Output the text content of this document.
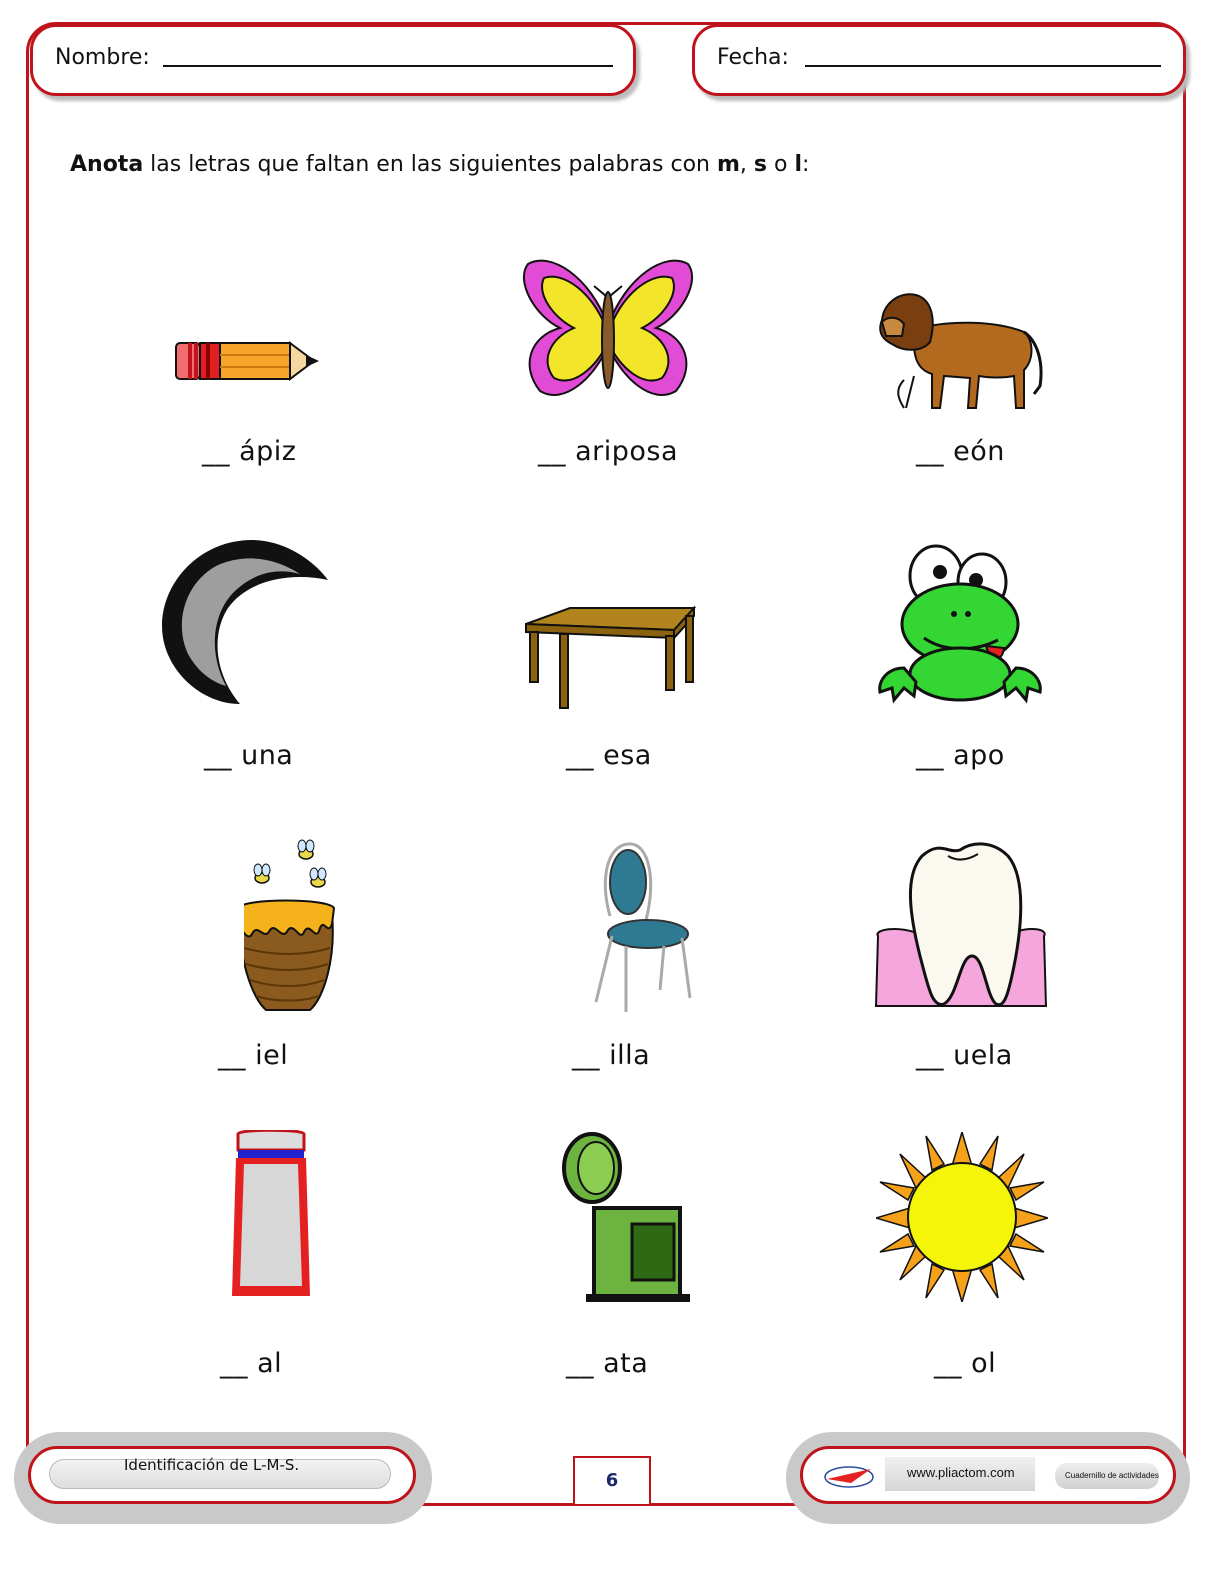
Nombre:	Fecha:
Anota las letras que faltan en las siguientes palabras con m, s o l:
__ ápiz	__ ariposa	__ eón
__ una	__ esa	__ apo
__ iel	__ illa	__ uela
__ al	__ ata	__ ol
Identificación de L-M-S.
6	www.pliactom.com	Cuadernillo de actividades
